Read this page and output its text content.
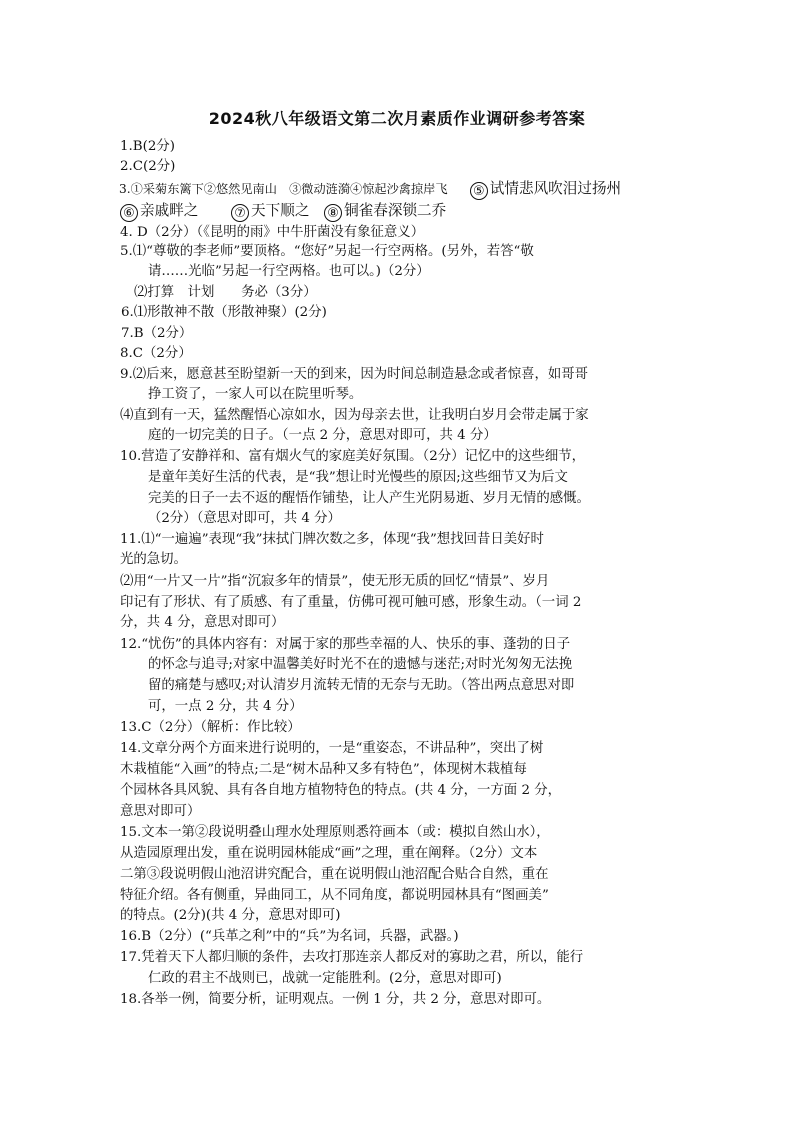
2024秋八年级语文第二次月素质作业调研参考答案
1.B(2分)
2.C(2分)
3.①采菊东篱下②悠然见南山　③微动涟漪④惊起沙禽掠岸飞 ⑤ 试情悲风吹泪过扬州
⑥ 亲戚畔之	⑦ 天下顺之 ⑧ 铜雀春深锁二乔
4. D（2分）（《昆明的雨》中牛肝菌没有象征意义）
5.⑴“尊敬的李老师”要顶格。“您好”另起一行空两格。(另外，若答“敬
请……光临”另起一行空两格。也可以。)（2分）
⑵打算　计划　　务必（3分）
6.⑴形散神不散（形散神聚）(2分)
7.B（2分）
8.C（2分）
9.⑵后来，愿意甚至盼望新一天的到来，因为时间总制造悬念或者惊喜，如哥哥
挣工资了，一家人可以在院里听琴。
⑷直到有一天，猛然醒悟心凉如水，因为母亲去世，让我明白岁月会带走属于家
庭的一切完美的日子。（一点 2 分，意思对即可，共 4 分）
10.营造了安静祥和、富有烟火气的家庭美好氛围。（2分）记忆中的这些细节，
是童年美好生活的代表，是“我”想让时光慢些的原因;这些细节又为后文
完美的日子一去不返的醒悟作铺垫，让人产生光阴易逝、岁月无情的感慨。
（2分）（意思对即可，共 4 分）
11.⑴“一遍遍”表现“我”抹拭门牌次数之多，体现“我”想找回昔日美好时
光的急切。
⑵用“一片又一片”指“沉寂多年的情景”，使无形无质的回忆“情景”、岁月
印记有了形状、有了质感、有了重量，仿佛可视可触可感，形象生动。（一词 2
分，共 4 分，意思对即可）
12.“忧伤”的具体内容有：对属于家的那些幸福的人、快乐的事、蓬勃的日子
的怀念与追寻;对家中温馨美好时光不在的遗憾与迷茫;对时光匆匆无法挽
留的痛楚与感叹;对认清岁月流转无情的无奈与无助。（答出两点意思对即
可，一点 2 分，共 4 分）
13.C（2分）（解析：作比较）
14.文章分两个方面来进行说明的，一是“重姿态，不讲品种”，突出了树
木栽植能“入画”的特点;二是“树木品种又多有特色”，体现树木栽植每
个园林各具风貌、具有各自地方植物特色的特点。(共 4 分，一方面 2 分，
意思对即可）
15.文本一第②段说明叠山理水处理原则悉符画本（或：模拟自然山水），
从造园原理出发，重在说明园林能成“画”之理，重在阐释。（2分）文本
二第③段说明假山池沼讲究配合，重在说明假山池沼配合贴合自然，重在
特征介绍。各有侧重，异曲同工，从不同角度，都说明园林具有“图画美”
的特点。(2分)(共 4 分，意思对即可)
16.B（2分）(“兵革之利”中的“兵”为名词，兵器，武器。)
17.凭着天下人都归顺的条件，去攻打那连亲人都反对的寡助之君，所以，能行
仁政的君主不战则已，战就一定能胜利。(2分，意思对即可)
18.各举一例，简要分析，证明观点。一例 1 分，共 2 分，意思对即可。
